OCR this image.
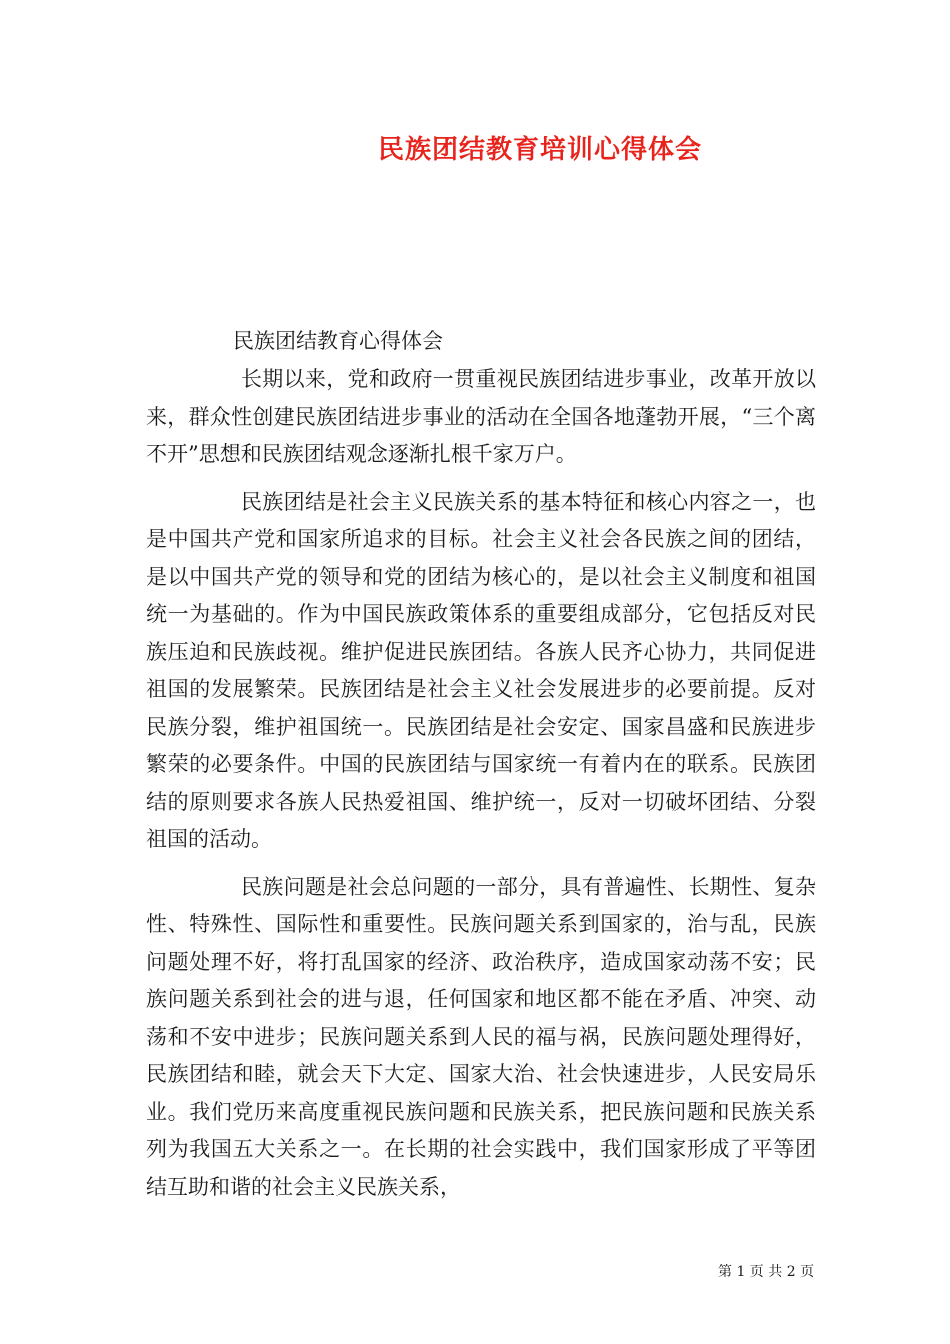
民族团结教育培训心得体会
民族团结教育心得体会

长期以来，党和政府一贯重视民族团结进步事业，改革开放以来，群众性创建民族团结进步事业的活动在全国各地蓬勃开展，“三个离不开”思想和民族团结观念逐渐扎根千家万户。

民族团结是社会主义民族关系的基本特征和核心内容之一，也是中国共产党和国家所追求的目标。社会主义社会各民族之间的团结，是以中国共产党的领导和党的团结为核心的，是以社会主义制度和祖国统一为基础的。作为中国民族政策体系的重要组成部分，它包括反对民族压迫和民族歧视。维护促进民族团结。各族人民齐心协力，共同促进祖国的发展繁荣。民族团结是社会主义社会发展进步的必要前提。反对民族分裂，维护祖国统一。民族团结是社会安定、国家昌盛和民族进步繁荣的必要条件。中国的民族团结与国家统一有着内在的联系。民族团结的原则要求各族人民热爱祖国、维护统一，反对一切破坏团结、分裂祖国的活动。

民族问题是社会总问题的一部分，具有普遍性、长期性、复杂性、特殊性、国际性和重要性。民族问题关系到国家的，治与乱，民族问题处理不好，将打乱国家的经济、政治秩序，造成国家动荡不安；民族问题关系到社会的进与退，任何国家和地区都不能在矛盾、冲突、动荡和不安中进步；民族问题关系到人民的福与祸，民族问题处理得好，民族团结和睦，就会天下大定、国家大治、社会快速进步，人民安局乐业。我们党历来高度重视民族问题和民族关系，把民族问题和民族关系列为我国五大关系之一。在长期的社会实践中，我们国家形成了平等团结互助和谐的社会主义民族关系，

第 1 页 共 2 页
